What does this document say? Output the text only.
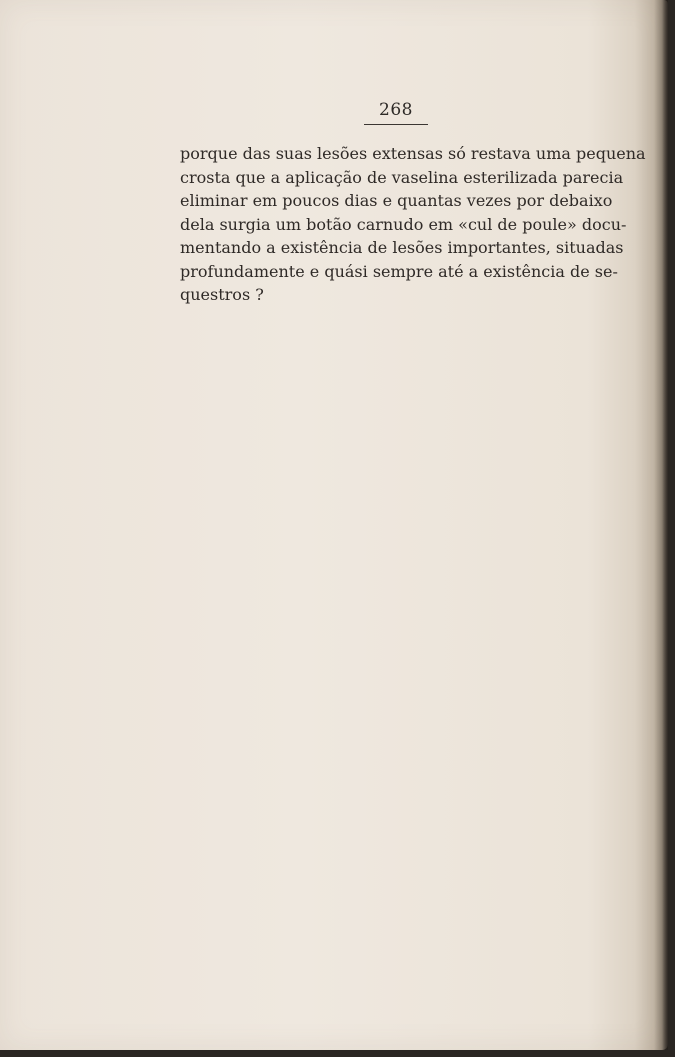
268

porque das suas lesões extensas só restava uma pequena
crosta que a aplicação de vaselina esterilizada parecia
eliminar em poucos dias e quantas vezes por debaixo
dela surgia um botão carnudo em «cul de poule» docu-
mentando a existência de lesões importantes, situadas
profundamente e quási sempre até a existência de se-
questros ?
